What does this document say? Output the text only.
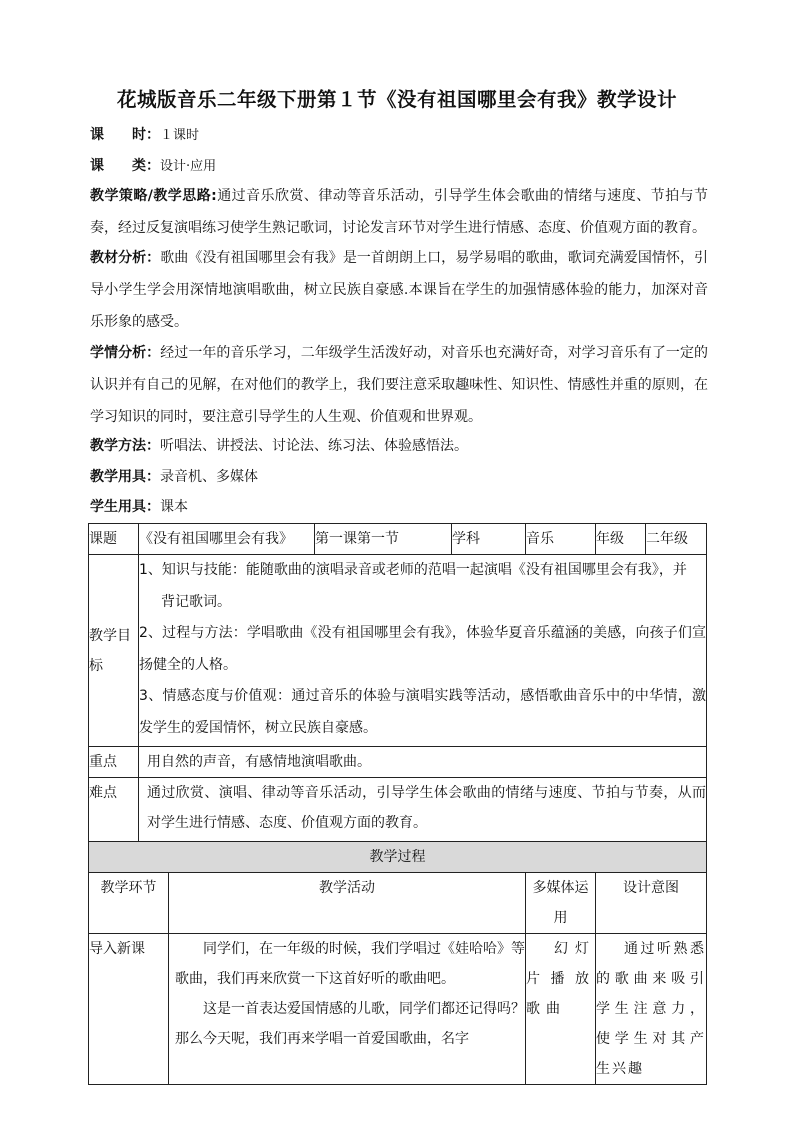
花城版音乐二年级下册第１节《没有祖国哪里会有我》教学设计
课　　时：１课时
课　　类：设计·应用
教学策略/教学思路:通过音乐欣赏、律动等音乐活动，引导学生体会歌曲的情绪与速度、节拍与节奏，经过反复演唱练习使学生熟记歌词，讨论发言环节对学生进行情感、态度、价值观方面的教育。
教材分析：歌曲《没有祖国哪里会有我》是一首朗朗上口，易学易唱的歌曲，歌词充满爱国情怀，引导小学生学会用深情地演唱歌曲，树立民族自豪感.本课旨在学生的加强情感体验的能力，加深对音乐形象的感受。
学情分析：经过一年的音乐学习，二年级学生活泼好动，对音乐也充满好奇，对学习音乐有了一定的认识并有自己的见解，在对他们的教学上，我们要注意采取趣味性、知识性、情感性并重的原则，在学习知识的同时，要注意引导学生的人生观、价值观和世界观。
教学方法：听唱法、讲授法、讨论法、练习法、体验感悟法。
教学用具：录音机、多媒体
学生用具：课本
课题	《没有祖国哪里会有我》		第一课第一节	学科	音乐	年级	二年级
教学目标	1、知识与技能：能随歌曲的演唱录音或老师的范唱一起演唱《没有祖国哪里会有我》，并
背记歌词。
2、过程与方法：学唱歌曲《没有祖国哪里会有我》，体验华夏音乐蕴涵的美感，向孩子们宣扬健全的人格。
3、情感态度与价值观：通过音乐的体验与演唱实践等活动，感悟歌曲音乐中的中华情，激发学生的爱国情怀，树立民族自豪感。						

重点	用自然的声音，有感情地演唱歌曲。						
难点	通过欣赏、演唱、律动等音乐活动，引导学生体会歌曲的情绪与速度、节拍与节奏，从而对学生进行情感、态度、价值观方面的教育。						
教学过程							
教学环节		教学活动			多媒体运用	设计意图	
导入新课		同学们，在一年级的时候，我们学唱过《娃哈哈》等歌曲，我们再来欣赏一下这首好听的歌曲吧。
这是一首表达爱国情感的儿歌，同学们都还记得吗？那么今天呢，我们再来学唱一首爱国歌曲，名字			幻灯片播放歌曲	通过听熟悉的歌曲来吸引学生注意力，使学生对其产生兴趣	
